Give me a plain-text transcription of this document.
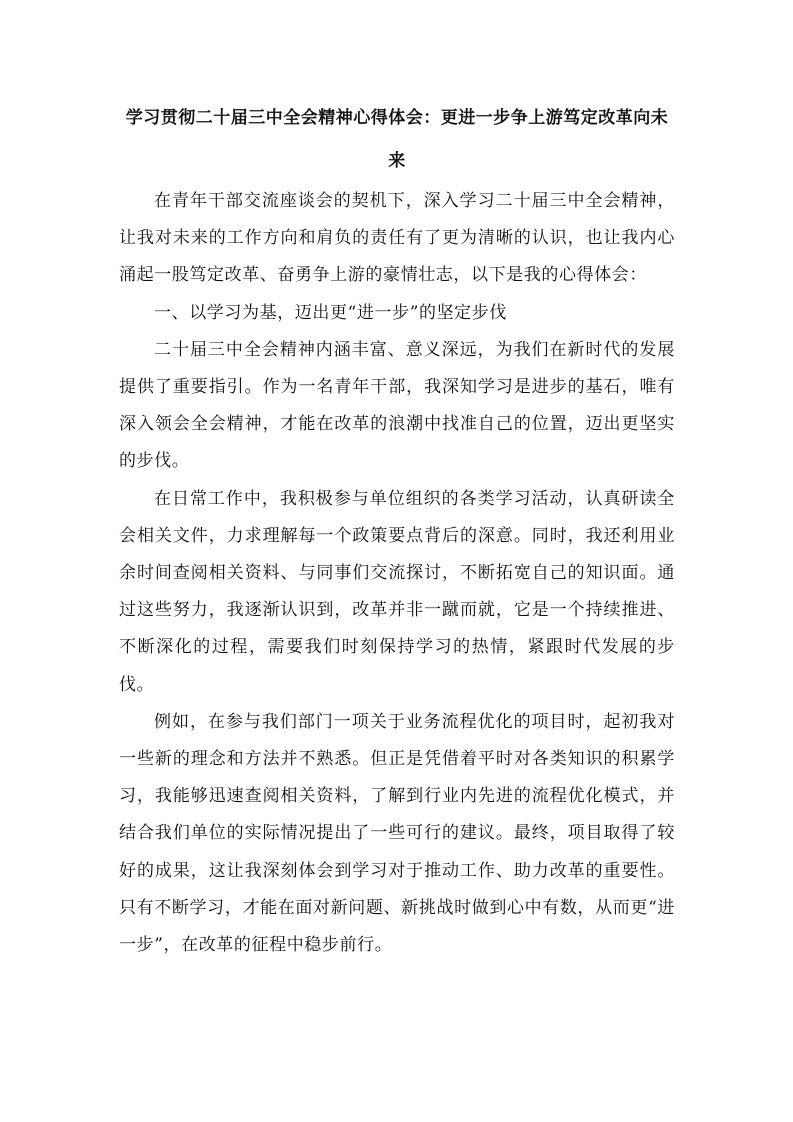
学习贯彻二十届三中全会精神心得体会：更进一步争上游笃定改革向未来

在青年干部交流座谈会的契机下，深入学习二十届三中全会精神，让我对未来的工作方向和肩负的责任有了更为清晰的认识，也让我内心涌起一股笃定改革、奋勇争上游的豪情壮志，以下是我的心得体会：

一、以学习为基，迈出更“进一步”的坚定步伐

二十届三中全会精神内涵丰富、意义深远，为我们在新时代的发展提供了重要指引。作为一名青年干部，我深知学习是进步的基石，唯有深入领会全会精神，才能在改革的浪潮中找准自己的位置，迈出更坚实的步伐。

在日常工作中，我积极参与单位组织的各类学习活动，认真研读全会相关文件，力求理解每一个政策要点背后的深意。同时，我还利用业余时间查阅相关资料、与同事们交流探讨，不断拓宽自己的知识面。通过这些努力，我逐渐认识到，改革并非一蹴而就，它是一个持续推进、不断深化的过程，需要我们时刻保持学习的热情，紧跟时代发展的步伐。

例如，在参与我们部门一项关于业务流程优化的项目时，起初我对一些新的理念和方法并不熟悉。但正是凭借着平时对各类知识的积累学习，我能够迅速查阅相关资料，了解到行业内先进的流程优化模式，并结合我们单位的实际情况提出了一些可行的建议。最终，项目取得了较好的成果，这让我深刻体会到学习对于推动工作、助力改革的重要性。只有不断学习，才能在面对新问题、新挑战时做到心中有数，从而更“进一步”，在改革的征程中稳步前行。
